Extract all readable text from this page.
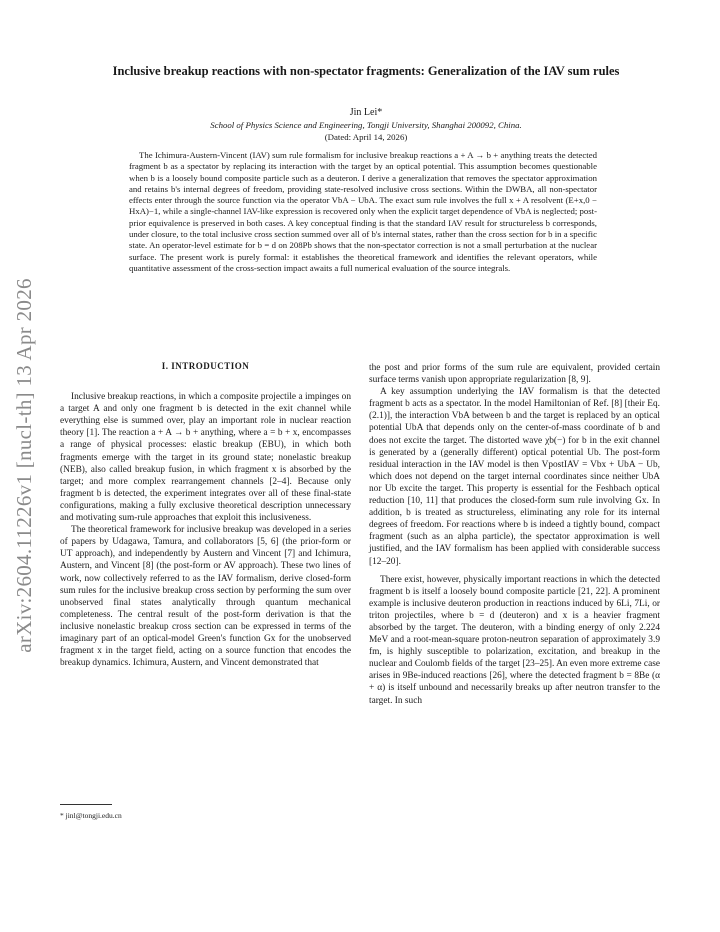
arXiv:2604.11226v1 [nucl-th] 13 Apr 2026
Inclusive breakup reactions with non-spectator fragments: Generalization of the IAV sum rules
Jin Lei*
School of Physics Science and Engineering, Tongji University, Shanghai 200092, China.
(Dated: April 14, 2026)

The Ichimura-Austern-Vincent (IAV) sum rule formalism for inclusive breakup reactions a + A → b + anything treats the detected fragment b as a spectator by replacing its interaction with the target by an optical potential. This assumption becomes questionable when b is a loosely bound composite particle such as a deuteron. I derive a generalization that removes the spectator approximation and retains b's internal degrees of freedom, providing state-resolved inclusive cross sections. Within the DWBA, all non-spectator effects enter through the source function via the operator VbA − UbA. The exact sum rule involves the full x + A resolvent (E+x,0 − HxA)−1, while a single-channel IAV-like expression is recovered only when the explicit target dependence of VbA is neglected; post-prior equivalence is preserved in both cases. A key conceptual finding is that the standard IAV result for structureless b corresponds, under closure, to the total inclusive cross section summed over all of b's internal states, rather than the cross section for b in a specific state. An operator-level estimate for b = d on 208Pb shows that the non-spectator correction is not a small perturbation at the nuclear surface. The present work is purely formal: it establishes the theoretical framework and identifies the relevant operators, while quantitative assessment of the cross-section impact awaits a full numerical evaluation of the source integrals.

I. INTRODUCTION

Inclusive breakup reactions, in which a composite projectile a impinges on a target A and only one fragment b is detected in the exit channel while everything else is summed over, play an important role in nuclear reaction theory [1]. The reaction a + A → b + anything, where a = b + x, encompasses a range of physical processes: elastic breakup (EBU), in which both fragments emerge with the target in its ground state; nonelastic breakup (NEB), also called breakup fusion, in which fragment x is absorbed by the target; and more complex rearrangement channels [2–4]. Because only fragment b is detected, the experiment integrates over all of these final-state configurations, making a fully exclusive theoretical description unnecessary and motivating sum-rule approaches that exploit this inclusiveness.

The theoretical framework for inclusive breakup was developed in a series of papers by Udagawa, Tamura, and collaborators [5, 6] (the prior-form or UT approach), and independently by Austern and Vincent [7] and Ichimura, Austern, and Vincent [8] (the post-form or AV approach). These two lines of work, now collectively referred to as the IAV formalism, derive closed-form sum rules for the inclusive breakup cross section by performing the sum over unobserved final states analytically through quantum mechanical completeness. The central result of the post-form derivation is that the inclusive nonelastic breakup cross section can be expressed in terms of the imaginary part of an optical-model Green's function Gx for the unobserved fragment x in the target field, acting on a source function that encodes the breakup dynamics. Ichimura, Austern, and Vincent demonstrated that

the post and prior forms of the sum rule are equivalent, provided certain surface terms vanish upon appropriate regularization [8, 9].

A key assumption underlying the IAV formalism is that the detected fragment b acts as a spectator. In the model Hamiltonian of Ref. [8] [their Eq. (2.1)], the interaction VbA between b and the target is replaced by an optical potential UbA that depends only on the center-of-mass coordinate of b and does not excite the target. The distorted wave χb(−) for b in the exit channel is generated by a (generally different) optical potential Ub. The post-form residual interaction in the IAV model is then VpostIAV = Vbx + UbA − Ub, which does not depend on the target internal coordinates since neither UbA nor Ub excite the target. This property is essential for the Feshbach optical reduction [10, 11] that produces the closed-form sum rule involving Gx. In addition, b is treated as structureless, eliminating any role for its internal degrees of freedom. For reactions where b is indeed a tightly bound, compact fragment (such as an alpha particle), the spectator approximation is well justified, and the IAV formalism has been applied with considerable success [12–20].

There exist, however, physically important reactions in which the detected fragment b is itself a loosely bound composite particle [21, 22]. A prominent example is inclusive deuteron production in reactions induced by 6Li, 7Li, or triton projectiles, where b = d (deuteron) and x is a heavier fragment absorbed by the target. The deuteron, with a binding energy of only 2.224 MeV and a root-mean-square proton-neutron separation of approximately 3.9 fm, is highly susceptible to polarization, excitation, and breakup in the nuclear and Coulomb fields of the target [23–25]. An even more extreme case arises in 9Be-induced reactions [26], where the detected fragment b = 8Be (α + α) is itself unbound and necessarily breaks up after neutron transfer to the target. In such

* jinl@tongji.edu.cn
